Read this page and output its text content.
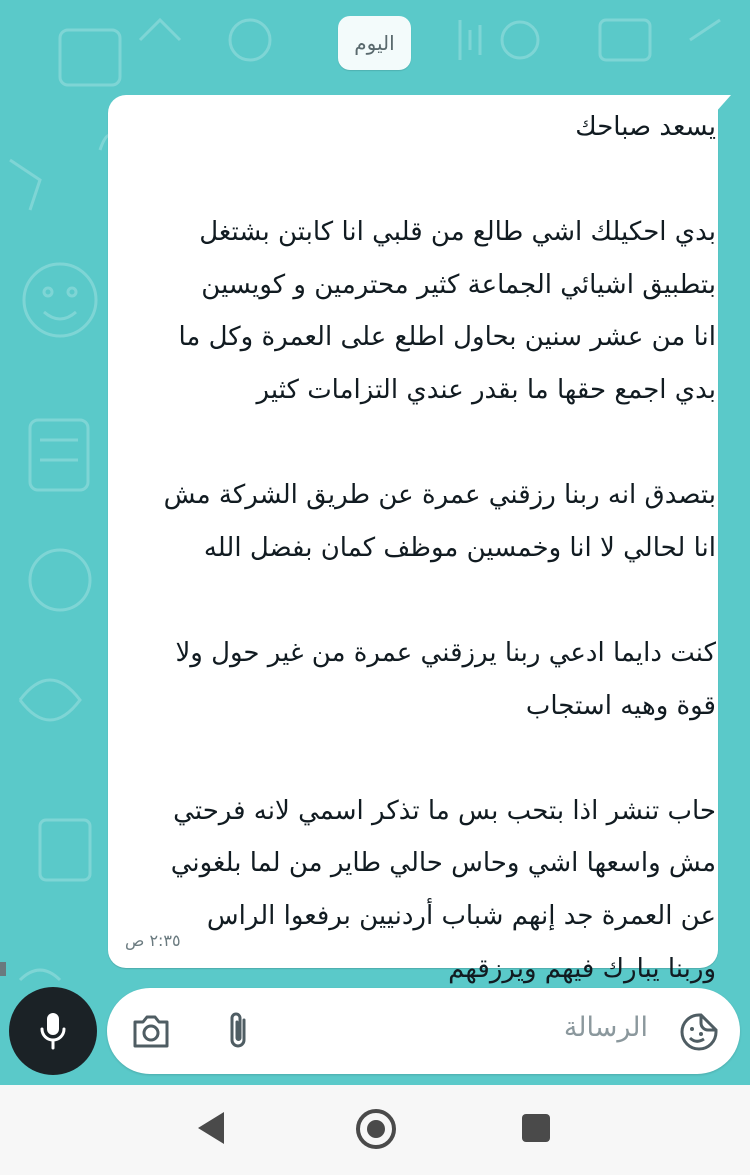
اليوم

يسعد صباحك

بدي احكيلك اشي طالع من قلبي انا كابتن بشتغل

بتطبيق اشيائي الجماعة كثير محترمين و كويسين

انا من عشر سنين بحاول اطلع على العمرة وكل ما

بدي اجمع حقها ما بقدر عندي التزامات كثير

بتصدق انه ربنا رزقني عمرة عن طريق الشركة مش

انا لحالي لا انا وخمسين موظف كمان بفضل الله

كنت دايما ادعي ربنا يرزقني عمرة من غير حول ولا

قوة وهيه استجاب

حاب تنشر اذا بتحب بس ما تذكر اسمي لانه فرحتي

مش واسعها اشي وحاس حالي طاير من لما بلغوني

عن العمرة جد إنهم شباب أردنيين برفعوا الراس

وربنا يبارك فيهم ويرزقهم

٢:٣٥ ص
الرسالة
